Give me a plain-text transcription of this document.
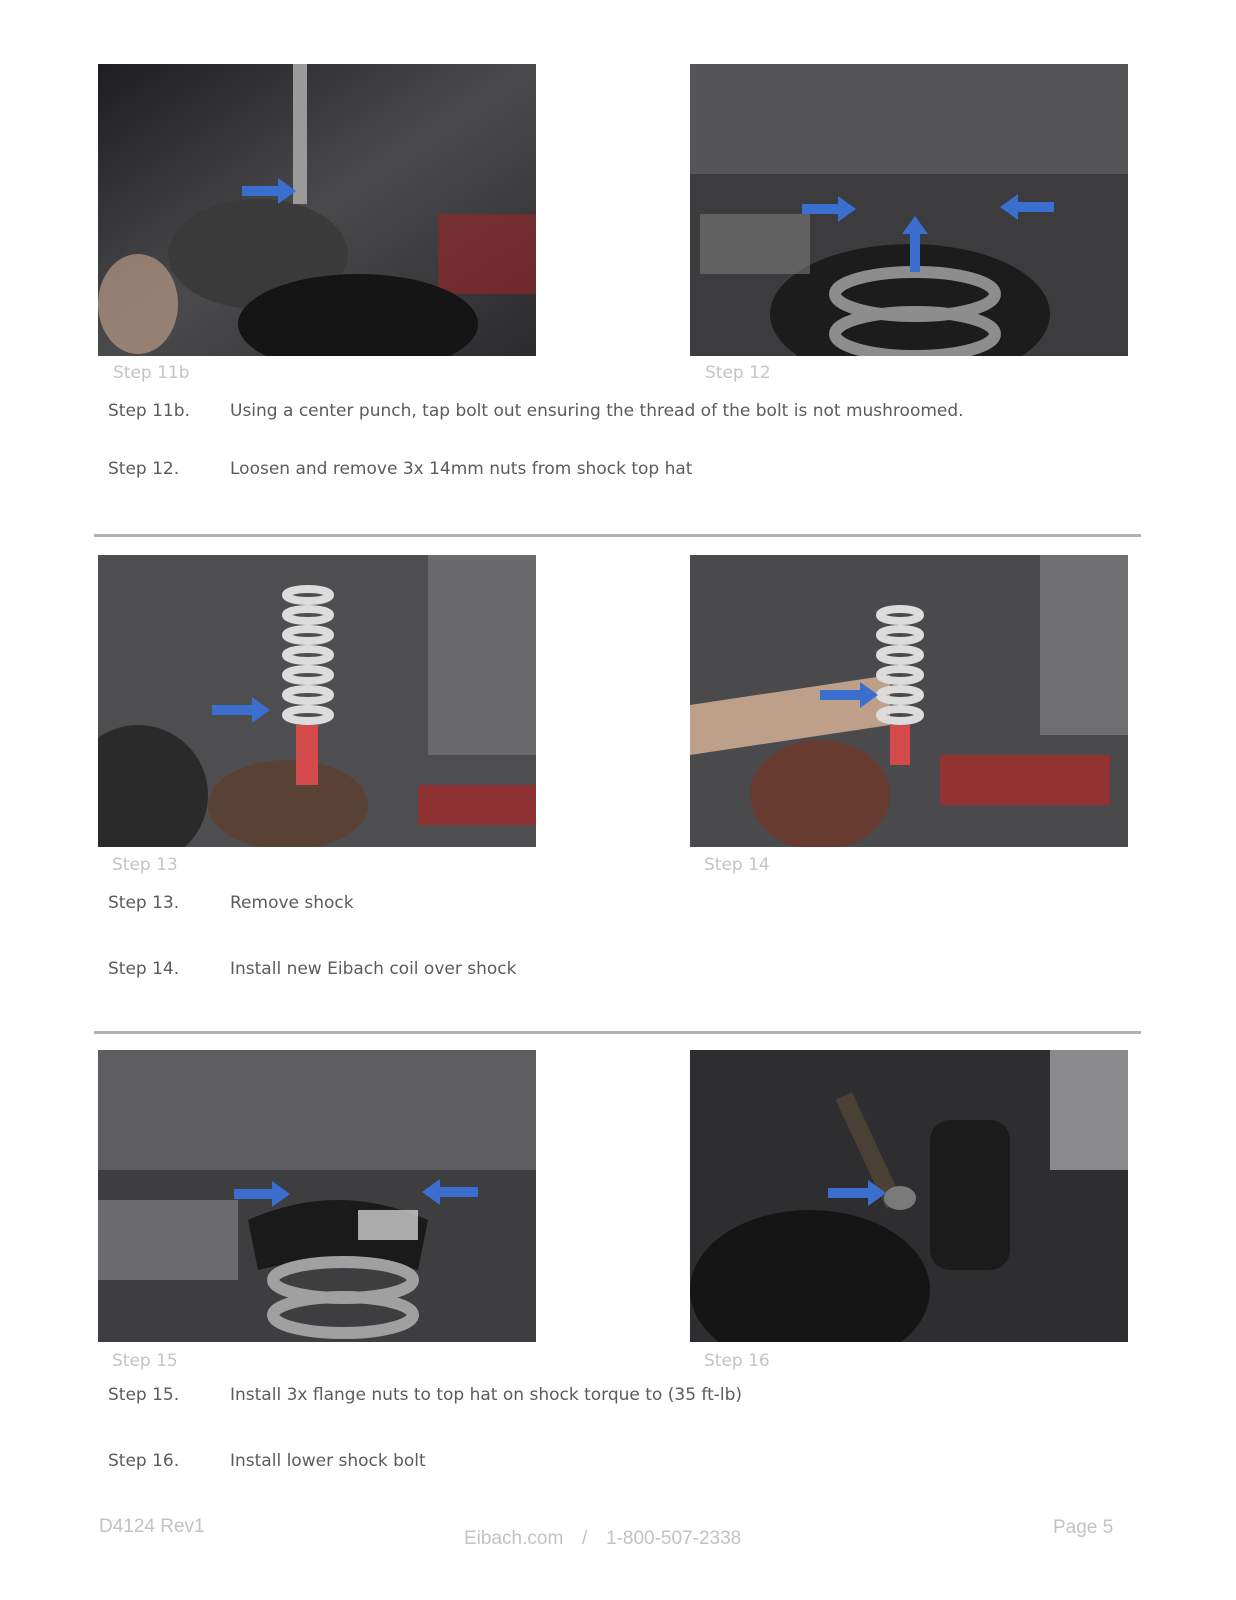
Step 11b	Step 12
Step 11b. Using a center punch, tap bolt out ensuring the thread of the bolt is not mushroomed.
Step 12.	Loosen and remove 3x 14mm nuts from shock top hat
Step 13	Step 14
Step 13.	Remove shock
Step 14.	Install new Eibach coil over shock
Step 15	Step 16
Step 15.	Install 3x flange nuts to top hat on shock torque to (35 ft-lb)
Step 16.	Install lower shock bolt
D4124 Rev1
Eibach.com / 1-800-507-2338
Page 5
